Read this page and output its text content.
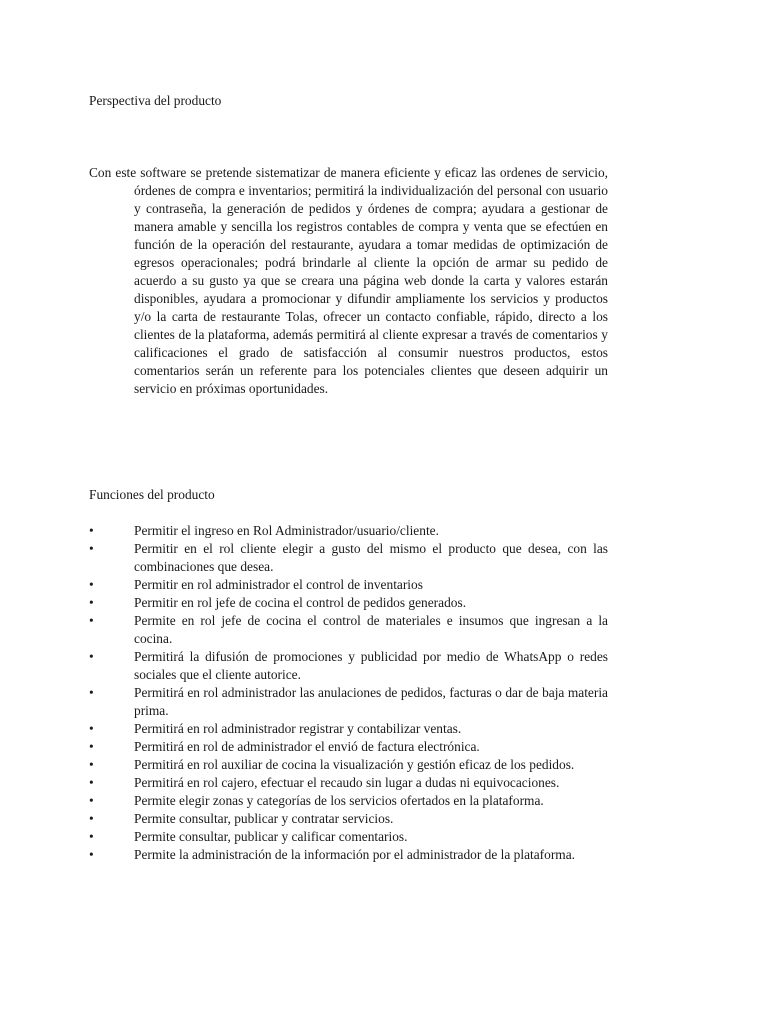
Perspectiva del producto

Con este software se pretende sistematizar de manera eficiente y eficaz las ordenes de servicio, órdenes de compra e inventarios; permitirá la individualización del personal con usuario y contraseña, la generación de pedidos y órdenes de compra; ayudara a gestionar de manera amable y sencilla los registros contables de compra y venta que se efectúen en función de la operación del restaurante, ayudara a tomar medidas de optimización de egresos operacionales; podrá brindarle al cliente la opción de armar su pedido de acuerdo a su gusto ya que se creara una página web donde la carta y valores estarán disponibles, ayudara a promocionar y difundir ampliamente los servicios y productos y/o la carta de restaurante Tolas, ofrecer un contacto confiable, rápido, directo a los clientes de la plataforma, además permitirá al cliente expresar a través de comentarios y calificaciones el grado de satisfacción al consumir nuestros productos, estos comentarios serán un referente para los potenciales clientes que deseen adquirir un servicio en próximas oportunidades.

Funciones del producto
•	Permitir el ingreso en Rol Administrador/usuario/cliente.
•	Permitir en el rol cliente elegir a gusto del mismo el producto que desea, con las combinaciones que desea.
•	Permitir en rol administrador el control de inventarios
•	Permitir en rol jefe de cocina el control de pedidos generados.
•	Permite en rol jefe de cocina el control de materiales e insumos que ingresan a la cocina.
•	Permitirá la difusión de promociones y publicidad por medio de WhatsApp o redes sociales que el cliente autorice.
•	Permitirá en rol administrador las anulaciones de pedidos, facturas o dar de baja materia prima.
•	Permitirá en rol administrador registrar y contabilizar ventas.
•	Permitirá en rol de administrador el envió de factura electrónica.
•	Permitirá en rol auxiliar de cocina la visualización y gestión eficaz de los pedidos.
•	Permitirá en rol cajero, efectuar el recaudo sin lugar a dudas ni equivocaciones.
•	Permite elegir zonas y categorías de los servicios ofertados en la plataforma.
•	Permite consultar, publicar y contratar servicios.
•	Permite consultar, publicar y calificar comentarios.
•	Permite la administración de la información por el administrador de la plataforma.
